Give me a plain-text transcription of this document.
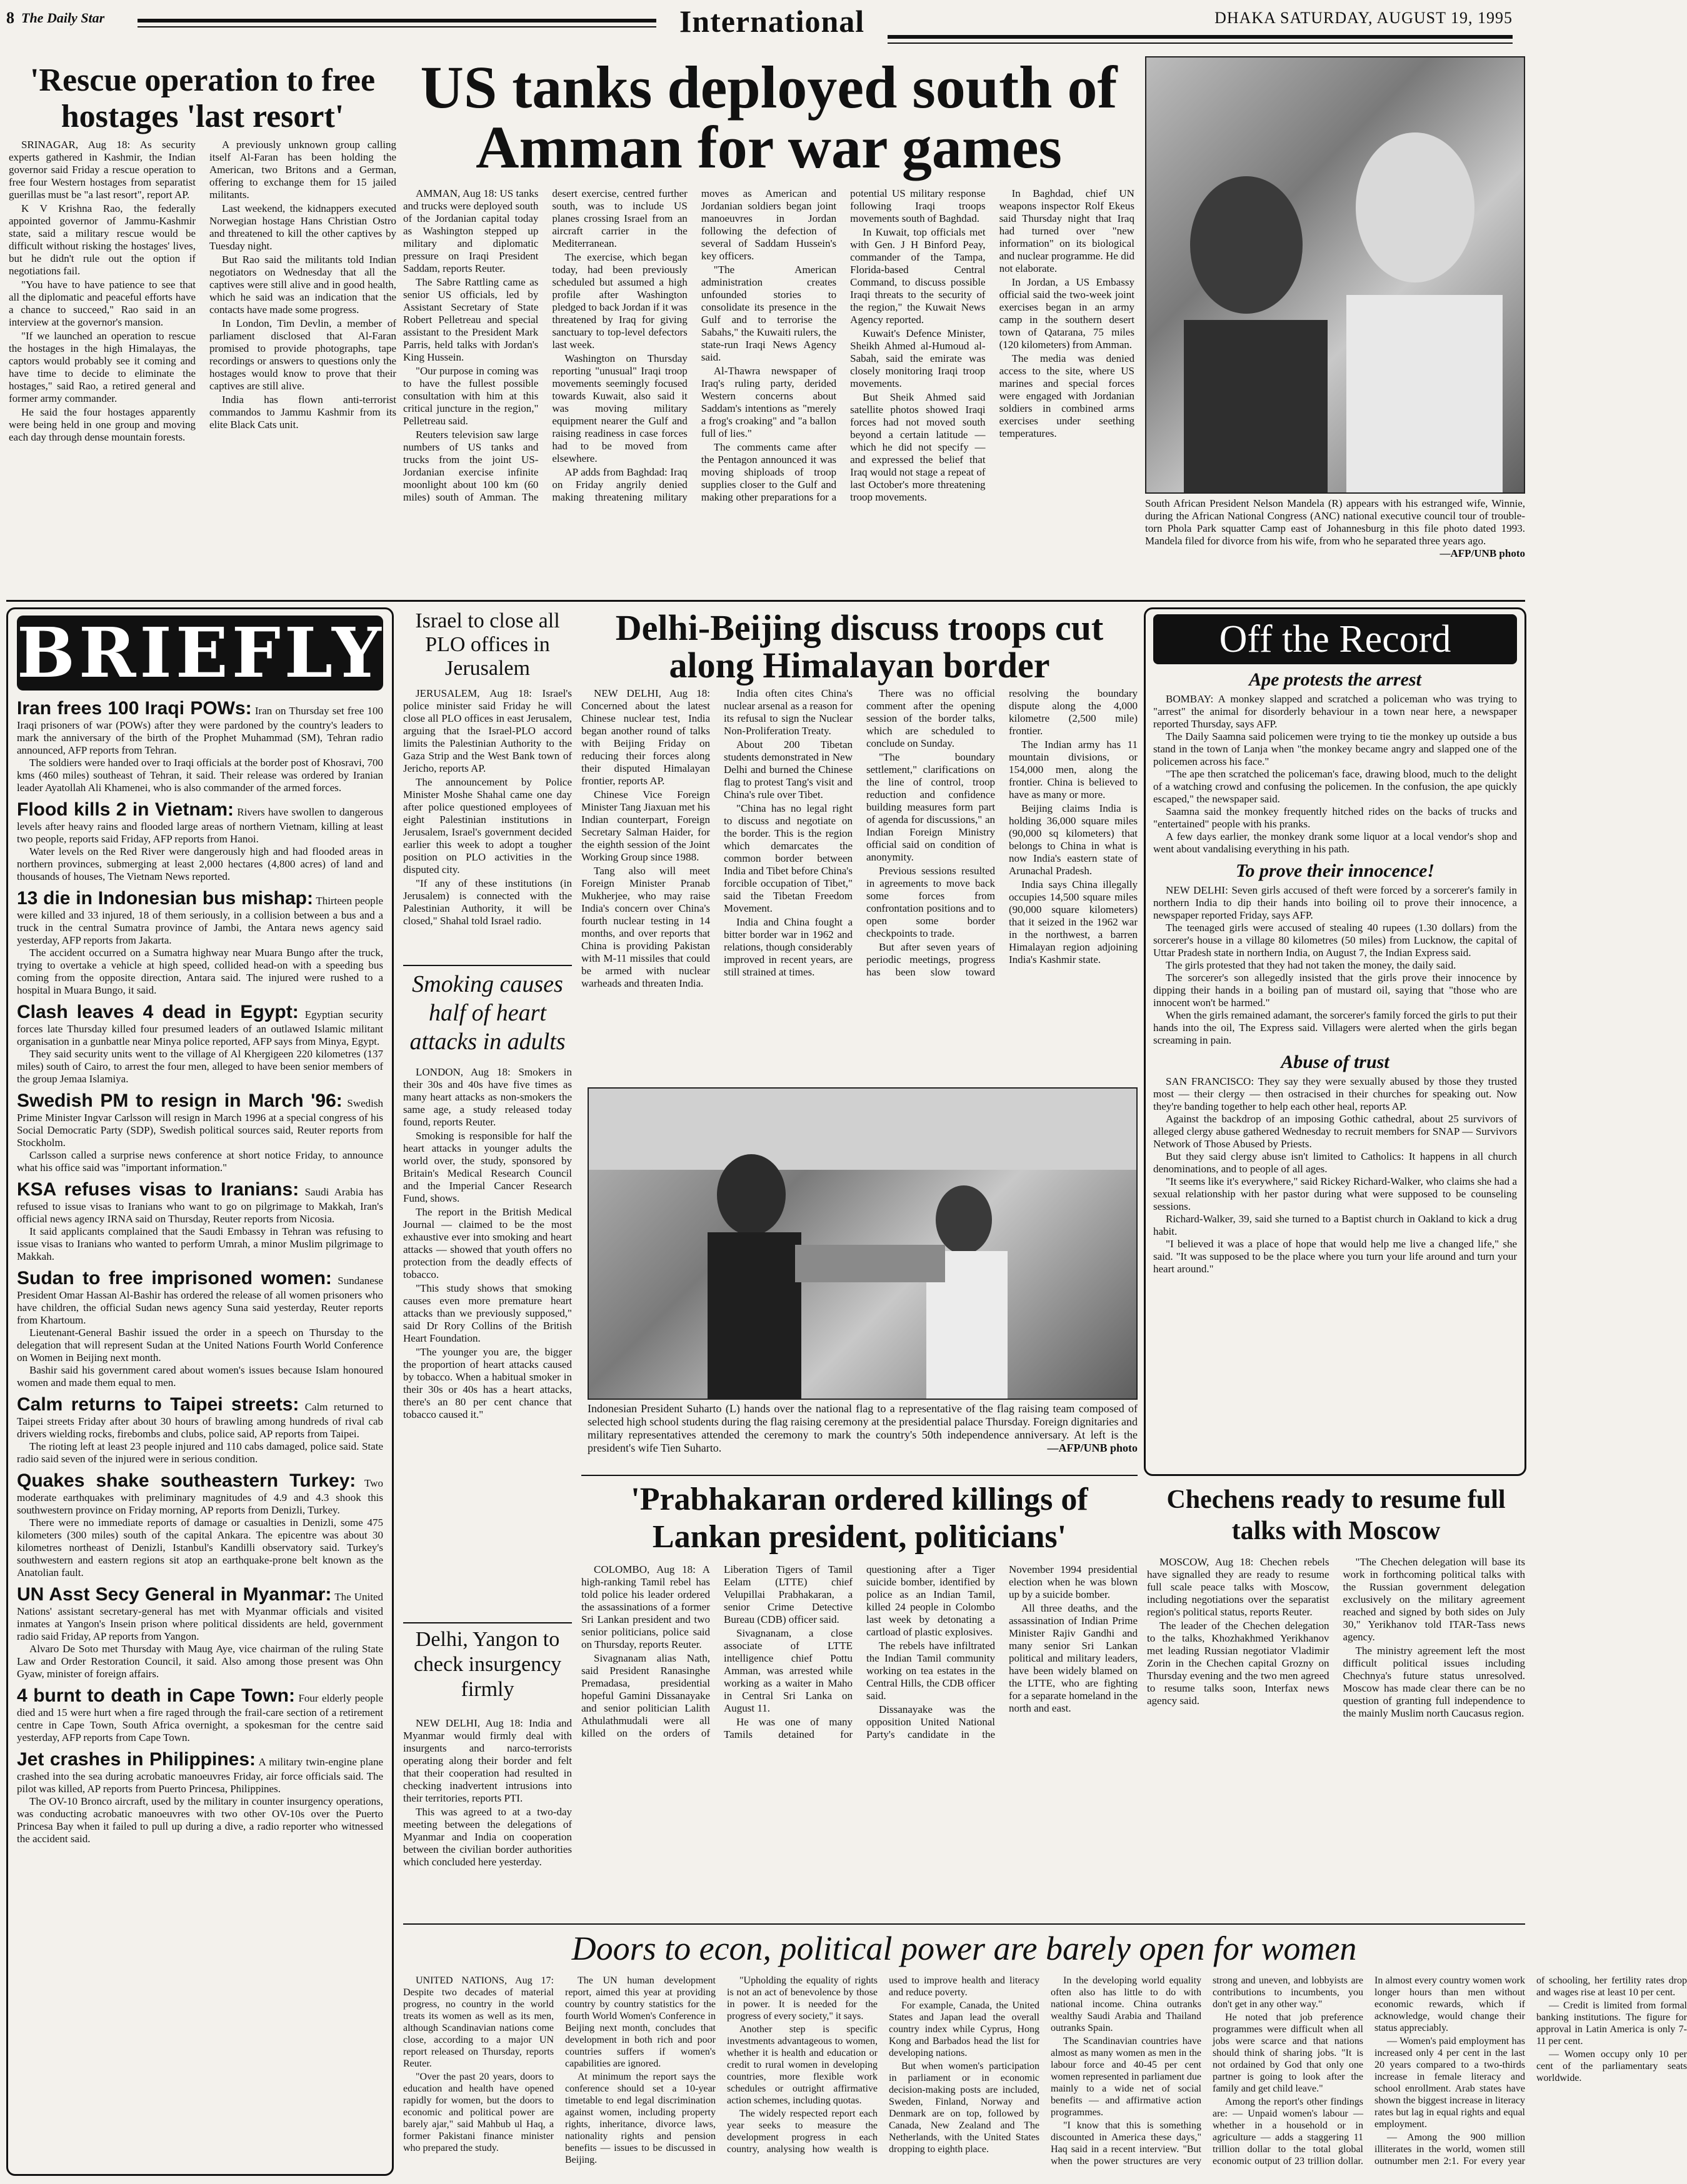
8 The Daily Star	International	DHAKA SATURDAY, AUGUST 19, 1995
'Rescue operation to free hostages 'last resort'

SRINAGAR, Aug 18: As security experts gathered in Kashmir, the Indian governor said Friday a rescue operation to free four Western hostages from separatist guerillas must be "a last resort", report AP.

K V Krishna Rao, the federally appointed governor of Jammu-Kashmir state, said a military rescue would be difficult without risking the hostages' lives, but he didn't rule out the option if negotiations fail.

"You have to have patience to see that all the diplomatic and peaceful efforts have a chance to succeed," Rao said in an interview at the governor's mansion.

"If we launched an operation to rescue the hostages in the high Himalayas, the captors would probably see it coming and have time to decide to eliminate the hostages," said Rao, a retired general and former army commander.

He said the four hostages apparently were being held in one group and moving each day through dense mountain forests.

A previously unknown group calling itself Al-Faran has been holding the American, two Britons and a German, offering to exchange them for 15 jailed militants.

Last weekend, the kidnappers executed Norwegian hostage Hans Christian Ostro and threatened to kill the other captives by Tuesday night.

But Rao said the militants told Indian negotiators on Wednesday that all the captives were still alive and in good health, which he said was an indication that the contacts have made some progress.

In London, Tim Devlin, a member of parliament disclosed that Al-Faran promised to provide photographs, tape recordings or answers to questions only the hostages would know to prove that their captives are still alive.

India has flown anti-terrorist commandos to Jammu Kashmir from its elite Black Cats unit.

US tanks deployed south of Amman for war games

AMMAN, Aug 18: US tanks and trucks were deployed south of the Jordanian capital today as Washington stepped up military and diplomatic pressure on Iraqi President Saddam, reports Reuter.

The Sabre Rattling came as senior US officials, led by Assistant Secretary of State Robert Pelletreau and special assistant to the President Mark Parris, held talks with Jordan's King Hussein.

"Our purpose in coming was to have the fullest possible consultation with him at this critical juncture in the region," Pelletreau said.

Reuters television saw large numbers of US tanks and trucks from the joint US-Jordanian exercise infinite moonlight about 100 km (60 miles) south of Amman. The desert exercise, centred further south, was to include US planes crossing Israel from an aircraft carrier in the Mediterranean.

The exercise, which began today, had been previously scheduled but assumed a high profile after Washington pledged to back Jordan if it was threatened by Iraq for giving sanctuary to top-level defectors last week.

Washington on Thursday reporting "unusual" Iraqi troop movements seemingly focused towards Kuwait, also said it was moving military equipment nearer the Gulf and raising readiness in case forces had to be moved from elsewhere.

AP adds from Baghdad: Iraq on Friday angrily denied making threatening military moves as American and Jordanian soldiers began joint manoeuvres in Jordan following the defection of several of Saddam Hussein's key officers.

"The American administration creates unfounded stories to consolidate its presence in the Gulf and to terrorise the Sabahs," the Kuwaiti rulers, the state-run Iraqi News Agency said.

Al-Thawra newspaper of Iraq's ruling party, derided Western concerns about Saddam's intentions as "merely a frog's croaking" and "a ballon full of lies."

The comments came after the Pentagon announced it was moving shiploads of troop supplies closer to the Gulf and making other preparations for a potential US military response following Iraqi troops movements south of Baghdad.

In Kuwait, top officials met with Gen. J H Binford Peay, commander of the Tampa, Florida-based Central Command, to discuss possible Iraqi threats to the security of the region," the Kuwait News Agency reported.

Kuwait's Defence Minister, Sheikh Ahmed al-Humoud al-Sabah, said the emirate was closely monitoring Iraqi troop movements.

But Sheik Ahmed said satellite photos showed Iraqi forces had not moved south beyond a certain latitude — which he did not specify — and expressed the belief that Iraq would not stage a repeat of last October's more threatening troop movements.

In Baghdad, chief UN weapons inspector Rolf Ekeus said Thursday night that Iraq had turned over "new information" on its biological and nuclear programme. He did not elaborate.

In Jordan, a US Embassy official said the two-week joint exercises began in an army camp in the southern desert town of Qatarana, 75 miles (120 kilometers) from Amman.

The media was denied access to the site, where US marines and special forces were engaged with Jordanian soldiers in combined arms exercises under seething temperatures.

South African President Nelson Mandela (R) appears with his estranged wife, Winnie, during the African National Congress (ANC) national executive council tour of trouble-torn Phola Park squatter Camp east of Johannesburg in this file photo dated 1993. Mandela filed for divorce from his wife, from who he separated three years ago.
—AFP/UNB photo
BRIEFLY

Iran frees 100 Iraqi POWs: Iran on Thursday set free 100 Iraqi prisoners of war (POWs) after they were pardoned by the country's leaders to mark the anniversary of the birth of the Prophet Muhammad (SM), Tehran radio announced, AFP reports from Tehran.

The soldiers were handed over to Iraqi officials at the border post of Khosravi, 700 kms (460 miles) southeast of Tehran, it said. Their release was ordered by Iranian leader Ayatollah Ali Khamenei, who is also commander of the armed forces.

Flood kills 2 in Vietnam: Rivers have swollen to dangerous levels after heavy rains and flooded large areas of northern Vietnam, killing at least two people, reports said Friday, AFP reports from Hanoi.

Water levels on the Red River were dangerously high and had flooded areas in northern provinces, submerging at least 2,000 hectares (4,800 acres) of land and thousands of houses, The Vietnam News reported.

13 die in Indonesian bus mishap: Thirteen people were killed and 33 injured, 18 of them seriously, in a collision between a bus and a truck in the central Sumatra province of Jambi, the Antara news agency said yesterday, AFP reports from Jakarta.

The accident occurred on a Sumatra highway near Muara Bungo after the truck, trying to overtake a vehicle at high speed, collided head-on with a speeding bus coming from the opposite direction, Antara said. The injured were rushed to a hospital in Muara Bungo, it said.

Clash leaves 4 dead in Egypt: Egyptian security forces late Thursday killed four presumed leaders of an outlawed Islamic militant organisation in a gunbattle near Minya police reported, AFP says from Minya, Egypt.

They said security units went to the village of Al Khergigeen 220 kilometres (137 miles) south of Cairo, to arrest the four men, alleged to have been senior members of the group Jemaa Islamiya.

Swedish PM to resign in March '96: Swedish Prime Minister Ingvar Carlsson will resign in March 1996 at a special congress of his Social Democratic Party (SDP), Swedish political sources said, Reuter reports from Stockholm.

Carlsson called a surprise news conference at short notice Friday, to announce what his office said was "important information."

KSA refuses visas to Iranians: Saudi Arabia has refused to issue visas to Iranians who want to go on pilgrimage to Makkah, Iran's official news agency IRNA said on Thursday, Reuter reports from Nicosia.

It said applicants complained that the Saudi Embassy in Tehran was refusing to issue visas to Iranians who wanted to perform Umrah, a minor Muslim pilgrimage to Makkah.

Sudan to free imprisoned women: Sundanese President Omar Hassan Al-Bashir has ordered the release of all women prisoners who have children, the official Sudan news agency Suna said yesterday, Reuter reports from Khartoum.

Lieutenant-General Bashir issued the order in a speech on Thursday to the delegation that will represent Sudan at the United Nations Fourth World Conference on Women in Beijing next month.

Bashir said his government cared about women's issues because Islam honoured women and made them equal to men.

Calm returns to Taipei streets: Calm returned to Taipei streets Friday after about 30 hours of brawling among hundreds of rival cab drivers wielding rocks, firebombs and clubs, police said, AP reports from Taipei.

The rioting left at least 23 people injured and 110 cabs damaged, police said. State radio said seven of the injured were in serious condition.

Quakes shake southeastern Turkey: Two moderate earthquakes with preliminary magnitudes of 4.9 and 4.3 shook this southwestern province on Friday morning, AP reports from Denizli, Turkey.

There were no immediate reports of damage or casualties in Denizli, some 475 kilometers (300 miles) south of the capital Ankara. The epicentre was about 30 kilometres northeast of Denizli, Istanbul's Kandilli observatory said. Turkey's southwestern and eastern regions sit atop an earthquake-prone belt known as the Anatolian fault.

UN Asst Secy General in Myanmar: The United Nations' assistant secretary-general has met with Myanmar officials and visited inmates at Yangon's Insein prison where political dissidents are held, government radio said Friday, AP reports from Yangon.

Alvaro De Soto met Thursday with Maug Aye, vice chairman of the ruling State Law and Order Restoration Council, it said. Also among those present was Ohn Gyaw, minister of foreign affairs.

4 burnt to death in Cape Town: Four elderly people died and 15 were hurt when a fire raged through the frail-care section of a retirement centre in Cape Town, South Africa overnight, a spokesman for the centre said yesterday, AFP reports from Cape Town.

Jet crashes in Philippines: A military twin-engine plane crashed into the sea during acrobatic manoeuvres Friday, air force officials said. The pilot was killed, AP reports from Puerto Princesa, Philippines.

The OV-10 Bronco aircraft, used by the military in counter insurgency operations, was conducting acrobatic manoeuvres with two other OV-10s over the Puerto Princesa Bay when it failed to pull up during a dive, a radio reporter who witnessed the accident said.

Israel to close all PLO offices in Jerusalem

JERUSALEM, Aug 18: Israel's police minister said Friday he will close all PLO offices in east Jerusalem, arguing that the Israel-PLO accord limits the Palestinian Authority to the Gaza Strip and the West Bank town of Jericho, reports AP.

The announcement by Police Minister Moshe Shahal came one day after police questioned employees of eight Palestinian institutions in Jerusalem, Israel's government decided earlier this week to adopt a tougher position on PLO activities in the disputed city.

"If any of these institutions (in Jerusalem) is connected with the Palestinian Authority, it will be closed," Shahal told Israel radio.

Smoking causes half of heart attacks in adults

LONDON, Aug 18: Smokers in their 30s and 40s have five times as many heart attacks as non-smokers the same age, a study released today found, reports Reuter.

Smoking is responsible for half the heart attacks in younger adults the world over, the study, sponsored by Britain's Medical Research Council and the Imperial Cancer Research Fund, shows.

The report in the British Medical Journal — claimed to be the most exhaustive ever into smoking and heart attacks — showed that youth offers no protection from the deadly effects of tobacco.

"This study shows that smoking causes even more premature heart attacks than we previously supposed," said Dr Rory Collins of the British Heart Foundation.

"The younger you are, the bigger the proportion of heart attacks caused by tobacco. When a habitual smoker in their 30s or 40s has a heart attacks, there's an 80 per cent chance that tobacco caused it."

Delhi, Yangon to check insurgency firmly

NEW DELHI, Aug 18: India and Myanmar would firmly deal with insurgents and narco-terrorists operating along their border and felt that their cooperation had resulted in checking inadvertent intrusions into their territories, reports PTI.

This was agreed to at a two-day meeting between the delegations of Myanmar and India on cooperation between the civilian border authorities which concluded here yesterday.

Delhi-Beijing discuss troops cut along Himalayan border

NEW DELHI, Aug 18: Concerned about the latest Chinese nuclear test, India began another round of talks with Beijing Friday on reducing their forces along their disputed Himalayan frontier, reports AP.

Chinese Vice Foreign Minister Tang Jiaxuan met his Indian counterpart, Foreign Secretary Salman Haider, for the eighth session of the Joint Working Group since 1988.

Tang also will meet Foreign Minister Pranab Mukherjee, who may raise India's concern over China's fourth nuclear testing in 14 months, and over reports that China is providing Pakistan with M-11 missiles that could be armed with nuclear warheads and threaten India.

India often cites China's nuclear arsenal as a reason for its refusal to sign the Nuclear Non-Proliferation Treaty.

About 200 Tibetan students demonstrated in New Delhi and burned the Chinese flag to protest Tang's visit and China's rule over Tibet.

"China has no legal right to discuss and negotiate on the border. This is the region which demarcates the common border between India and Tibet before China's forcible occupation of Tibet," said the Tibetan Freedom Movement.

India and China fought a bitter border war in 1962 and relations, though considerably improved in recent years, are still strained at times.

There was no official comment after the opening session of the border talks, which are scheduled to conclude on Sunday.

"The boundary settlement," clarifications on the line of control, troop reduction and confidence building measures form part of agenda for discussions," an Indian Foreign Ministry official said on condition of anonymity.

Previous sessions resulted in agreements to move back some forces from confrontation positions and to open some border checkpoints to trade.

But after seven years of periodic meetings, progress has been slow toward resolving the boundary dispute along the 4,000 kilometre (2,500 mile) frontier.

The Indian army has 11 mountain divisions, or 154,000 men, along the frontier. China is believed to have as many or more.

Beijing claims India is holding 36,000 square miles (90,000 sq kilometers) that belongs to China in what is now India's eastern state of Arunachal Pradesh.

India says China illegally occupies 14,500 square miles (90,000 square kilometers) that it seized in the 1962 war in the northwest, a barren Himalayan region adjoining India's Kashmir state.

Indonesian President Suharto (L) hands over the national flag to a representative of the flag raising team composed of selected high school students during the flag raising ceremony at the presidential palace Thursday. Foreign dignitaries and military representatives attended the ceremony to mark the country's 50th independence anniversary. At left is the president's wife Tien Suharto.	—AFP/UNB photo
Off the Record
Ape protests the arrest

BOMBAY: A monkey slapped and scratched a policeman who was trying to "arrest" the animal for disorderly behaviour in a town near here, a newspaper reported Thursday, says AFP.

The Daily Saamna said policemen were trying to tie the monkey up outside a bus stand in the town of Lanja when "the monkey became angry and slapped one of the policemen across his face."

"The ape then scratched the policeman's face, drawing blood, much to the delight of a watching crowd and confusing the policemen. In the confusion, the ape quickly escaped," the newspaper said.

Saamna said the monkey frequently hitched rides on the backs of trucks and "entertained" people with his pranks.

A few days earlier, the monkey drank some liquor at a local vendor's shop and went about vandalising everything in his path.

To prove their innocence!

NEW DELHI: Seven girls accused of theft were forced by a sorcerer's family in northern India to dip their hands into boiling oil to prove their innocence, a newspaper reported Friday, says AFP.

The teenaged girls were accused of stealing 40 rupees (1.30 dollars) from the sorcerer's house in a village 80 kilometres (50 miles) from Lucknow, the capital of Uttar Pradesh state in northern India, on August 7, the Indian Express said.

The girls protested that they had not taken the money, the daily said.

The sorcerer's son allegedly insisted that the girls prove their innocence by dipping their hands in a boiling pan of mustard oil, saying that "those who are innocent won't be harmed."

When the girls remained adamant, the sorcerer's family forced the girls to put their hands into the oil, The Express said. Villagers were alerted when the girls began screaming in pain.

Abuse of trust

SAN FRANCISCO: They say they were sexually abused by those they trusted most — their clergy — then ostracised in their churches for speaking out. Now they're banding together to help each other heal, reports AP.

Against the backdrop of an imposing Gothic cathedral, about 25 survivors of alleged clergy abuse gathered Wednesday to recruit members for SNAP — Survivors Network of Those Abused by Priests.

But they said clergy abuse isn't limited to Catholics: It happens in all church denominations, and to people of all ages.

"It seems like it's everywhere," said Rickey Richard-Walker, who claims she had a sexual relationship with her pastor during what were supposed to be counseling sessions.

Richard-Walker, 39, said she turned to a Baptist church in Oakland to kick a drug habit.

"I believed it was a place of hope that would help me live a changed life," she said. "It was supposed to be the place where you turn your life around and turn your heart around."

'Prabhakaran ordered killings of Lankan president, politicians'

COLOMBO, Aug 18: A high-ranking Tamil rebel has told police his leader ordered the assassinations of a former Sri Lankan president and two senior politicians, police said on Thursday, reports Reuter.

Sivagnanam alias Nath, said President Ranasinghe Premadasa, presidential hopeful Gamini Dissanayake and senior politician Lalith Athulathmudali were all killed on the orders of Liberation Tigers of Tamil Eelam (LTTE) chief Velupillai Prabhakaran, a senior Crime Detective Bureau (CDB) officer said.

Sivagnanam, a close associate of LTTE intelligence chief Pottu Amman, was arrested while working as a waiter in Maho in Central Sri Lanka on August 11.

He was one of many Tamils detained for questioning after a Tiger suicide bomber, identified by police as an Indian Tamil, killed 24 people in Colombo last week by detonating a cartload of plastic explosives.

The rebels have infiltrated the Indian Tamil community working on tea estates in the Central Hills, the CDB officer said.

Dissanayake was the opposition United National Party's candidate in the November 1994 presidential election when he was blown up by a suicide bomber.

All three deaths, and the assassination of Indian Prime Minister Rajiv Gandhi and many senior Sri Lankan political and military leaders, have been widely blamed on the LTTE, who are fighting for a separate homeland in the north and east.

Chechens ready to resume full talks with Moscow

MOSCOW, Aug 18: Chechen rebels have signalled they are ready to resume full scale peace talks with Moscow, including negotiations over the separatist region's political status, reports Reuter.

The leader of the Chechen delegation to the talks, Khozhakhmed Yerikhanov met leading Russian negotiator Vladimir Zorin in the Chechen capital Grozny on Thursday evening and the two men agreed to resume talks soon, Interfax news agency said.

"The Chechen delegation will base its work in forthcoming political talks with the Russian government delegation exclusively on the military agreement reached and signed by both sides on July 30," Yerikhanov told ITAR-Tass news agency.

The ministry agreement left the most difficult political issues including Chechnya's future status unresolved. Moscow has made clear there can be no question of granting full independence to the mainly Muslim north Caucasus region.

Doors to econ, political power are barely open for women

UNITED NATIONS, Aug 17: Despite two decades of material progress, no country in the world treats its women as well as its men, although Scandinavian nations come close, according to a major UN report released on Thursday, reports Reuter.

"Over the past 20 years, doors to education and health have opened rapidly for women, but the doors to economic and political power are barely ajar," said Mahbub ul Haq, a former Pakistani finance minister who prepared the study.

The UN human development report, aimed this year at providing country by country statistics for the fourth World Women's Conference in Beijing next month, concludes that development in both rich and poor countries suffers if women's capabilities are ignored.

At minimum the report says the conference should set a 10-year timetable to end legal discrimination against women, including property rights, inheritance, divorce laws, nationality rights and pension benefits — issues to be discussed in Beijing.

"Upholding the equality of rights is not an act of benevolence by those in power. It is needed for the progress of every society," it says.

Another step is specific investments advantageous to women, whether it is health and education or credit to rural women in developing countries, more flexible work schedules or outright affirmative action schemes, including quotas.

The widely respected report each year seeks to measure the development progress in each country, analysing how wealth is used to improve health and literacy and reduce poverty.

For example, Canada, the United States and Japan lead the overall country index while Cyprus, Hong Kong and Barbados head the list for developing nations.

But when women's participation in parliament or in economic decision-making posts are included, Sweden, Finland, Norway and Denmark are on top, followed by Canada, New Zealand and The Netherlands, with the United States dropping to eighth place.

In the developing world equality often also has little to do with national income. China outranks wealthy Saudi Arabia and Thailand outranks Spain.

The Scandinavian countries have almost as many women as men in the labour force and 40-45 per cent women represented in parliament due mainly to a wide net of social benefits — and affirmative action programmes.

"I know that this is something discounted in America these days," Haq said in a recent interview. "But when the power structures are very strong and uneven, and lobbyists are contributions to incumbents, you don't get in any other way."

He noted that job preference programmes were difficult when all jobs were scarce and that nations should think of sharing jobs. "It is not ordained by God that only one partner is going to look after the family and get child leave."

Among the report's other findings are: — Unpaid women's labour — whether in a household or in agriculture — adds a staggering 11 trillion dollar to the total global economic output of 23 trillion dollar. In almost every country women work longer hours than men without economic rewards, which if acknowledge, would change their status appreciably.

— Women's paid employment has increased only 4 per cent in the last 20 years compared to a two-thirds increase in female literacy and school enrollment. Arab states have shown the biggest increase in literacy rates but lag in equal rights and equal employment.

— Among the 900 million illiterates in the world, women still outnumber men 2:1. For every year of schooling, her fertility rates drop and wages rise at least 10 per cent.

— Credit is limited from formal banking institutions. The figure for approval in Latin America is only 7-11 per cent.

— Women occupy only 10 per cent of the parliamentary seats worldwide.
